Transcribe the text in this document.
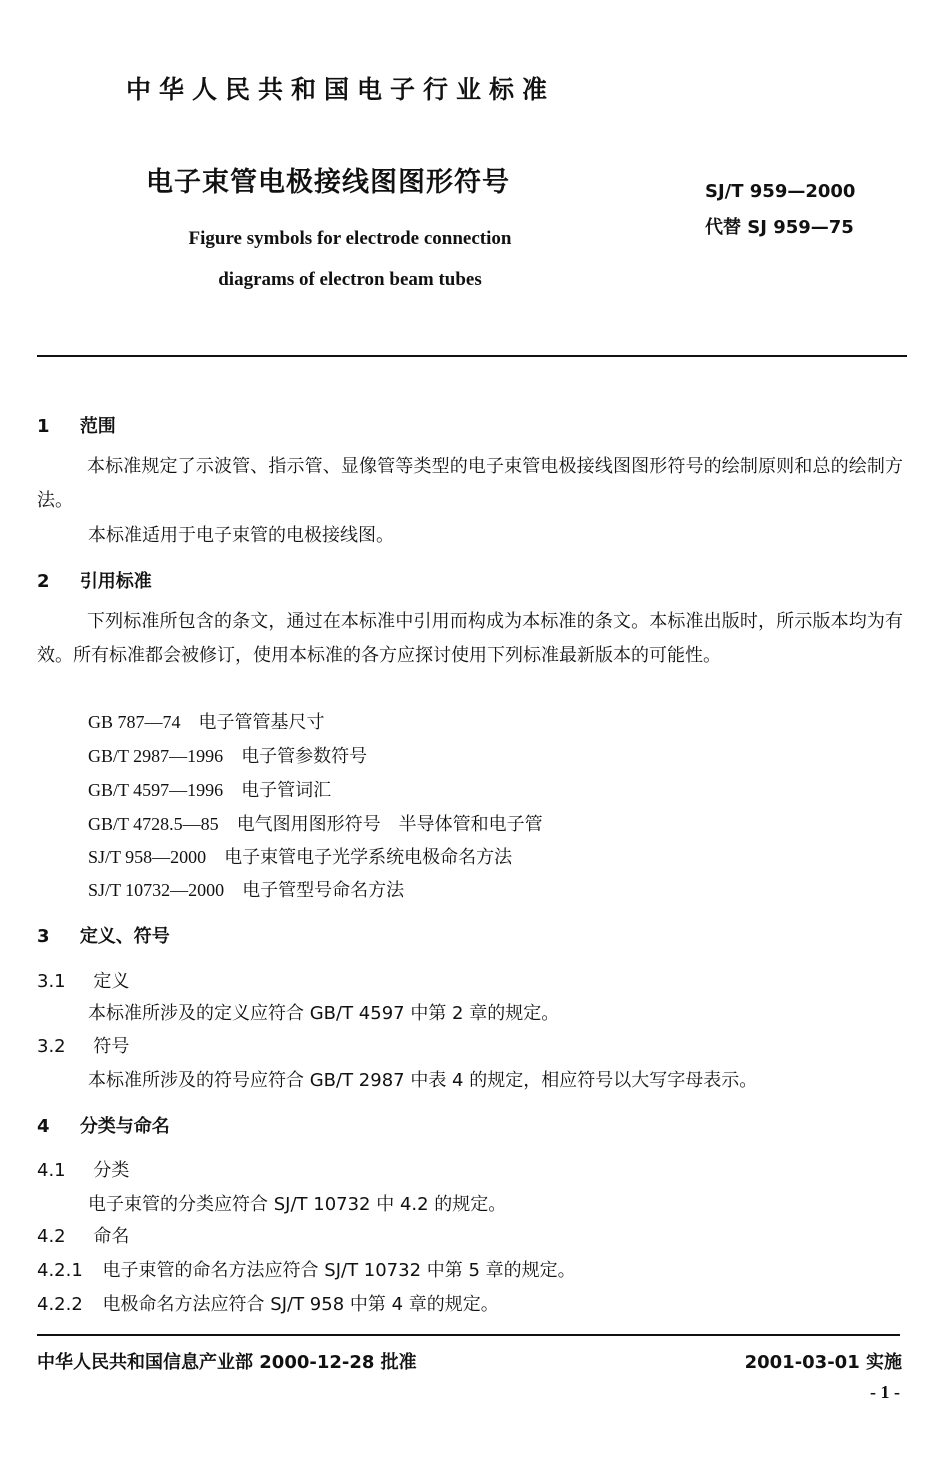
中华人民共和国电子行业标准
电子束管电极接线图图形符号
Figure symbols for electrode connection
diagrams of electron beam tubes
SJ/T 959—2000
代替 SJ 959—75
1 范围
本标准规定了示波管、指示管、显像管等类型的电子束管电极接线图图形符号的绘制原则和总的绘制方法。
本标准适用于电子束管的电极接线图。
2 引用标准
下列标准所包含的条文，通过在本标准中引用而构成为本标准的条文。本标准出版时，所示版本均为有效。所有标准都会被修订，使用本标准的各方应探讨使用下列标准最新版本的可能性。
GB 787—74 电子管管基尺寸
GB/T 2987—1996 电子管参数符号
GB/T 4597—1996 电子管词汇
GB/T 4728.5—85 电气图用图形符号　半导体管和电子管
SJ/T 958—2000 电子束管电子光学系统电极命名方法
SJ/T 10732—2000 电子管型号命名方法
3 定义、符号
3.1 定义
本标准所涉及的定义应符合 GB/T 4597 中第 2 章的规定。
3.2 符号
本标准所涉及的符号应符合 GB/T 2987 中表 4 的规定，相应符号以大写字母表示。
4 分类与命名
4.1 分类
电子束管的分类应符合 SJ/T 10732 中 4.2 的规定。
4.2 命名
4.2.1 电子束管的命名方法应符合 SJ/T 10732 中第 5 章的规定。
4.2.2 电极命名方法应符合 SJ/T 958 中第 4 章的规定。
中华人民共和国信息产业部 2000-12-28 批准	2001-03-01 实施
- 1 -
